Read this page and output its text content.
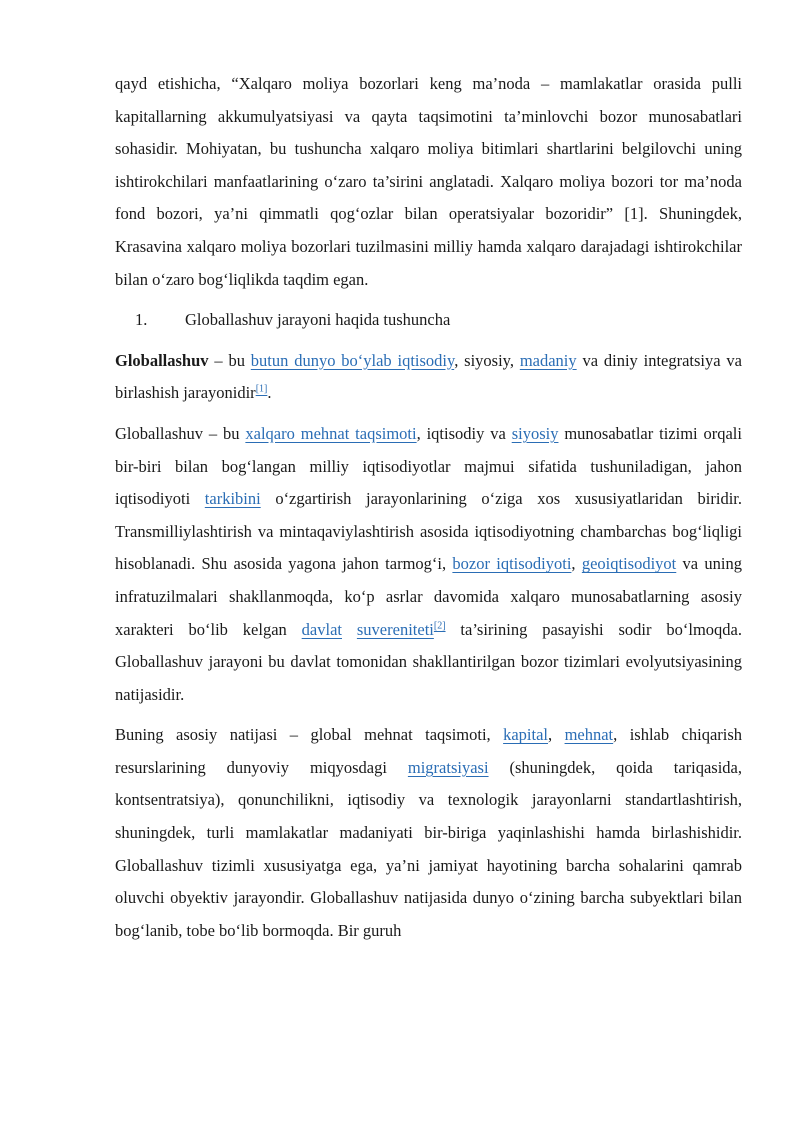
qayd etishicha, “Xalqaro moliya bozorlari keng ma’noda – mamlakatlar orasida pulli kapitallarning akkumulyatsiyasi va qayta taqsimotini ta’minlovchi bozor munosabatlari sohasidir. Mohiyatan, bu tushuncha xalqaro moliya bitimlari shartlarini belgilovchi uning ishtirokchilari manfaatlarining o‘zaro ta’sirini anglatadi. Xalqaro moliya bozori tor ma’noda fond bozori, ya’ni qimmatli qog‘ozlar bilan operatsiyalar bozoridir” [1]. Shuningdek, Krasavina xalqaro moliya bozorlari tuzilmasini milliy hamda xalqaro darajadagi ishtirokchilar bilan o‘zaro bog‘liqlikda taqdim egan.

1.	Globallashuv jarayoni haqida tushuncha

Globallashuv – bu butun dunyo bo‘ylab iqtisodiy, siyosiy, madaniy va diniy integratsiya va birlashish jarayonidir[1].

Globallashuv – bu xalqaro mehnat taqsimoti, iqtisodiy va siyosiy munosabatlar tizimi orqali bir-biri bilan bog‘langan milliy iqtisodiyotlar majmui sifatida tushuniladigan, jahon iqtisodiyoti tarkibini o‘zgartirish jarayonlarining o‘ziga xos xususiyatlaridan biridir. Transmilliylashtirish va mintaqaviylashtirish asosida iqtisodiyotning chambarchas bog‘liqligi hisoblanadi. Shu asosida yagona jahon tarmog‘i, bozor iqtisodiyoti, geoiqtisodiyot va uning infratuzilmalari shakllanmoqda, ko‘p asrlar davomida xalqaro munosabatlarning asosiy xarakteri bo‘lib kelgan davlat suvereniteti[2] ta’sirining pasayishi sodir bo‘lmoqda. Globallashuv jarayoni bu davlat tomonidan shakllantirilgan bozor tizimlari evolyutsiyasining natijasidir.

Buning asosiy natijasi – global mehnat taqsimoti, kapital, mehnat, ishlab chiqarish resurslarining dunyoviy miqyosdagi migratsiyasi (shuningdek, qoida tariqasida, kontsentratsiya), qonunchilikni, iqtisodiy va texnologik jarayonlarni standartlashtirish, shuningdek, turli mamlakatlar madaniyati bir-biriga yaqinlashishi hamda birlashishidir. Globallashuv tizimli xususiyatga ega, ya’ni jamiyat hayotining barcha sohalarini qamrab oluvchi obyektiv jarayondir. Globallashuv natijasida dunyo o‘zining barcha subyektlari bilan bog‘lanib, tobe bo‘lib bormoqda. Bir guruh
